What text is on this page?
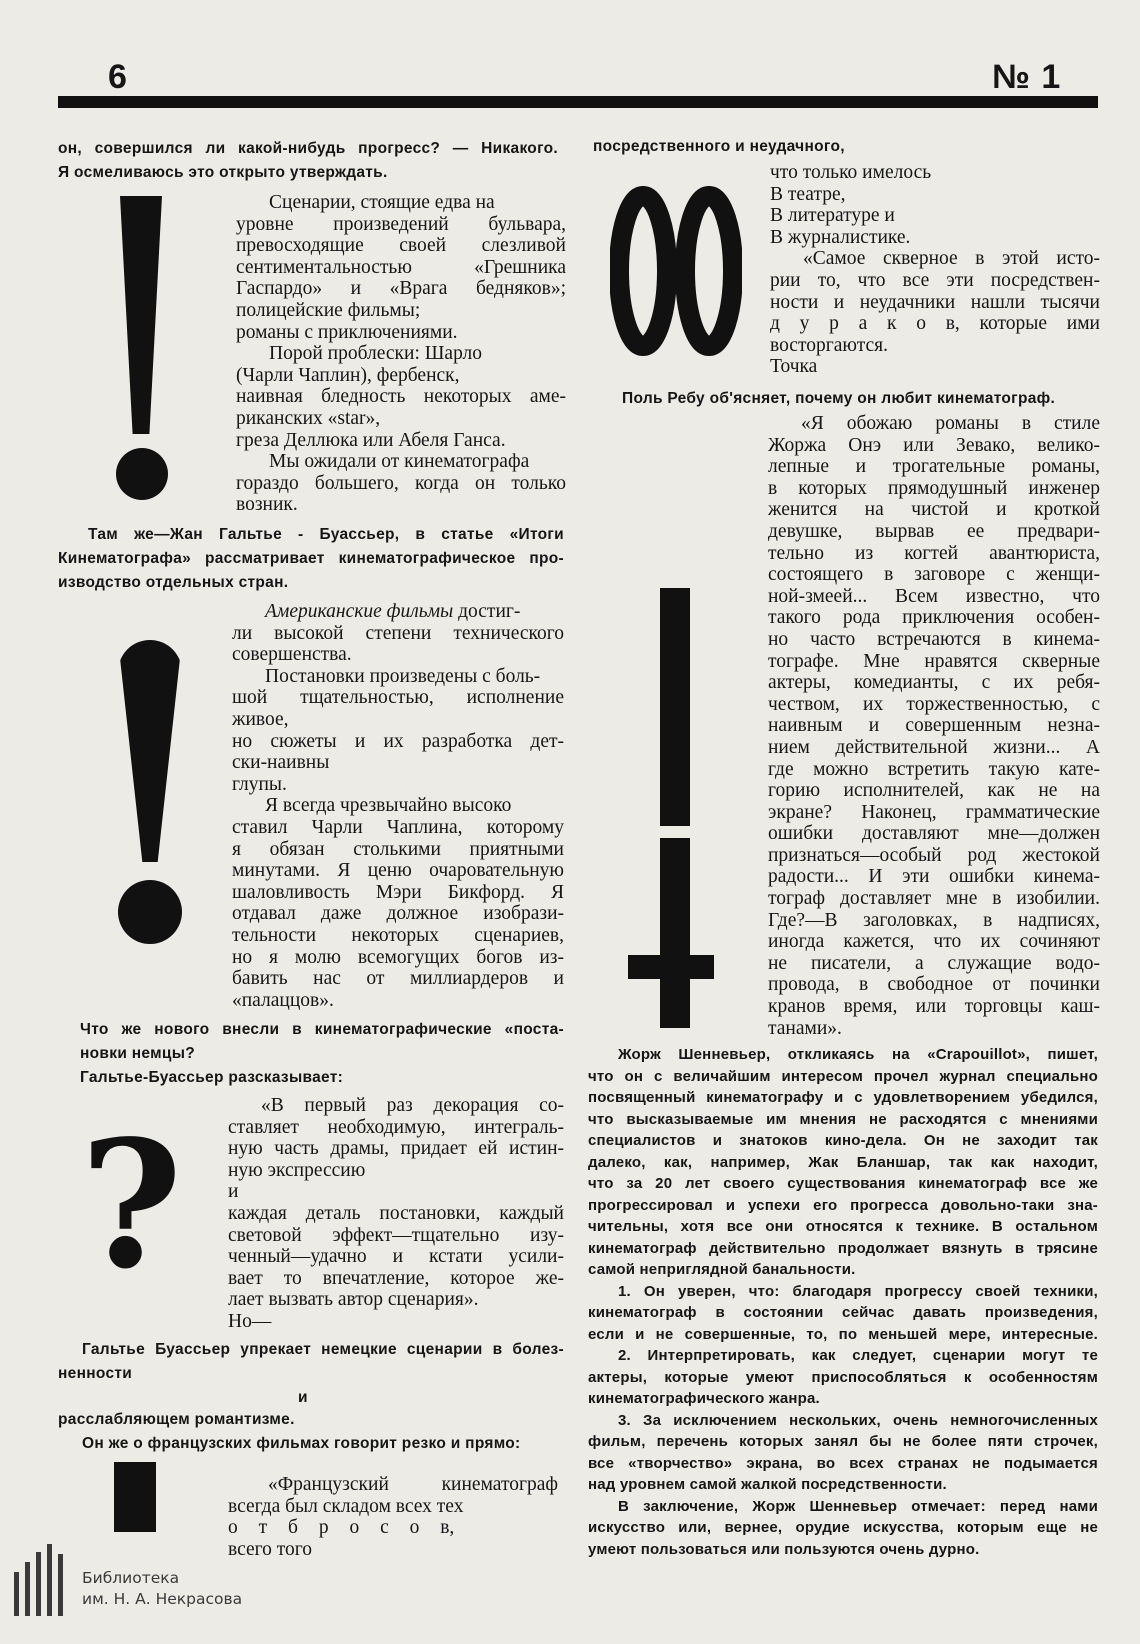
6	№ 1
он, совершился ли какой-нибудь прогресс? — Никакого.
Я осмеливаюсь это открыто утверждать.
Сценарии, стоящие едва на
уровне произведений бульвара,
превосходящие своей слезливой
сентиментальностью «Грешника
Гаспардо» и «Врага бедняков»;
полицейские фильмы;
романы с приключениями.
Порой проблески: Шарло
(Чарли Чаплин), фербенск,
наивная бледность некоторых аме-
риканских «star»,
греза Деллюка или Абеля Ганса.
Мы ожидали от кинематографа
гораздо большего, когда он только
возник.
Там же—Жан Гальтье - Буассьер, в статье «Итоги
Кинематографа» рассматривает кинематографическое про-
изводство отдельных стран.
Американские фильмы достиг-
ли высокой степени технического
совершенства.
Постановки произведены с боль-
шой тщательностью, исполнение
живое,
но сюжеты и их разработка дет-
ски-наивны
глупы.
Я всегда чрезвычайно высоко
ставил Чарли Чаплина, которому
я обязан столькими приятными
минутами. Я ценю очаровательную
шаловливость Мэри Бикфорд. Я
отдавал даже должное изобрази-
тельности некоторых сценариев,
но я молю всемогущих богов из-
бавить нас от миллиардеров и
«палаццов».
Что же нового внесли в кинематографические «поста-
новки немцы?
Гальтье-Буассьер разсказывает:
«В первый раз декорация со-
ставляет необходимую, интеграль-
ную часть драмы, придает ей истин-
ную экспрессию
и
каждая деталь постановки, каждый
световой эффект—тщательно изу-
ченный—удачно и кстати усили-
вает то впечатление, которое же-
лает вызвать автор сценария».
Но—
Гальтье Буассьер упрекает немецкие сценарии в болез-
ненности
и
расслабляющем романтизме.
Он же о французских фильмах говорит резко и прямо:
«Французский кинематограф
всегда был складом всех тех
о т б р о с о в,
всего того
?
посредственного и неудачного,
что только имелось
В театре,
В литературе и
В журналистике.
«Самое скверное в этой исто-
рии то, что все эти посредствен-
ности и неудачники нашли тысячи
д у р а к о в, которые ими
восторгаются.
Точка
Поль Ребу об'ясняет, почему он любит кинематограф.
«Я обожаю романы в стиле
Жоржа Онэ или Зевако, велико-
лепные и трогательные романы,
в которых прямодушный инженер
женится на чистой и кроткой
девушке, вырвав ее предвари-
тельно из когтей авантюриста,
состоящего в заговоре с женщи-
ной-змеей... Всем известно, что
такого рода приключения особен-
но часто встречаются в кинема-
тографе. Мне нравятся скверные
актеры, комедианты, с их ребя-
чеством, их торжественностью, с
наивным и совершенным незна-
нием действительной жизни... А
где можно встретить такую кате-
горию исполнителей, как не на
экране? Наконец, грамматические
ошибки доставляют мне—должен
признаться—особый род жестокой
радости... И эти ошибки кинема-
тограф доставляет мне в изобилии.
Где?—В заголовках, в надписях,
иногда кажется, что их сочиняют
не писатели, а служащие водо-
провода, в свободное от починки
кранов время, или торговцы каш-
танами».
Жорж Шенневьер, откликаясь на «Crapouillot», пишет,
что он с величайшим интересом прочел журнал специально
посвященный кинематографу и с удовлетворением убедился,
что высказываемые им мнения не расходятся с мнениями
специалистов и знатоков кино-дела. Он не заходит так
далеко, как, например, Жак Бланшар, так как находит,
что за 20 лет своего существования кинематограф все же
прогрессировал и успехи его прогресса довольно-таки зна-
чительны, хотя все они относятся к технике. В остальном
кинематограф действительно продолжает вязнуть в трясине
самой неприглядной банальности.
1. Он уверен, что: благодаря прогрессу своей техники,
кинематограф в состоянии сейчас давать произведения,
если и не совершенные, то, по меньшей мере, интересные.
2. Интерпретировать, как следует, сценарии могут те
актеры, которые умеют приспособляться к особенностям
кинематографического жанра.
3. За исключением нескольких, очень немногочисленных
фильм, перечень которых занял бы не более пяти строчек,
все «творчество» экрана, во всех странах не подымается
над уровнем самой жалкой посредственности.
В заключение, Жорж Шенневьер отмечает: перед нами
искусство или, вернее, орудие искусства, которым еще не
умеют пользоваться или пользуются очень дурно.
Библиотека
им. Н. А. Некрасова
